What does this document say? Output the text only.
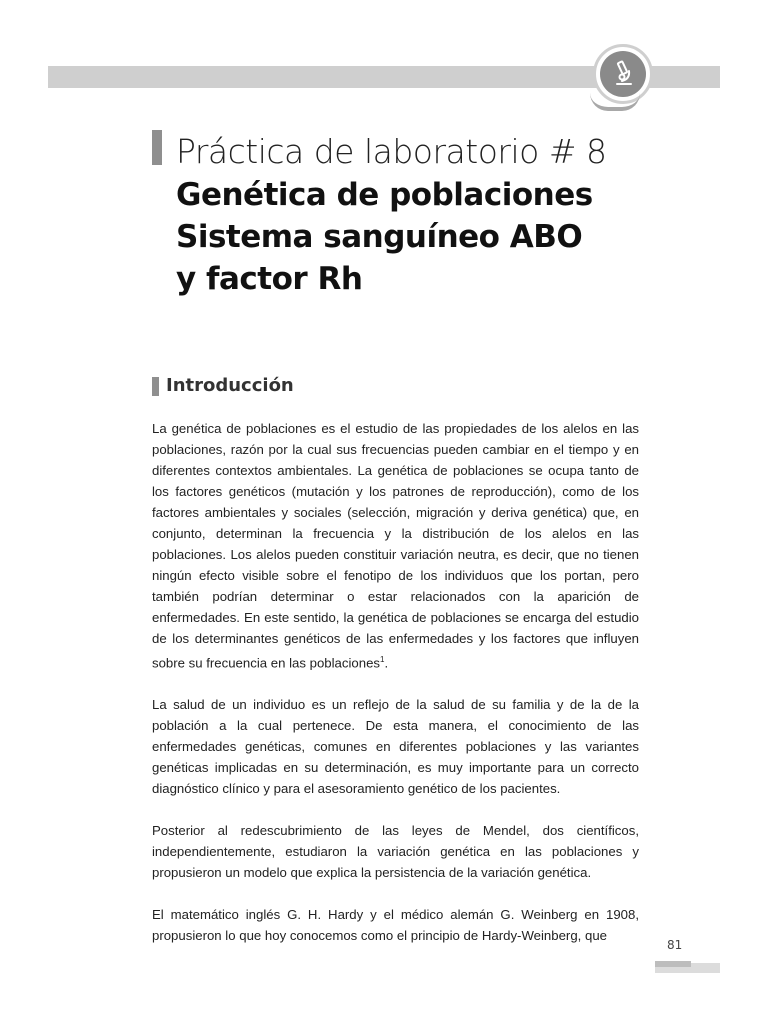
Práctica de laboratorio # 8
Genética de poblaciones
Sistema sanguíneo ABO
y factor Rh
Introducción

La genética de poblaciones es el estudio de las propiedades de los alelos en las poblaciones, razón por la cual sus frecuencias pueden cambiar en el tiempo y en diferentes contextos ambientales. La genética de poblaciones se ocupa tanto de los factores genéticos (mutación y los patrones de reproducción), como de los factores ambientales y sociales (selección, migración y deriva genética) que, en conjunto, determinan la frecuencia y la distribución de los alelos en las poblaciones. Los alelos pueden constituir variación neutra, es decir, que no tienen ningún efecto visible sobre el fenotipo de los individuos que los portan, pero también podrían determinar o estar relacionados con la aparición de enfermedades. En este sentido, la genética de poblaciones se encarga del estudio de los determinantes genéticos de las enfermedades y los factores que influyen sobre su frecuencia en las poblaciones$^1$.

La salud de un individuo es un reflejo de la salud de su familia y de la de la población a la cual pertenece. De esta manera, el conocimiento de las enfermedades genéticas, comunes en diferentes poblaciones y las variantes genéticas implicadas en su determinación, es muy importante para un correcto diagnóstico clínico y para el asesoramiento genético de los pacientes.

Posterior al redescubrimiento de las leyes de Mendel, dos científicos, independientemente, estudiaron la variación genética en las poblaciones y propusieron un modelo que explica la persistencia de la variación genética.

El matemático inglés G. H. Hardy y el médico alemán G. Weinberg en 1908, propusieron lo que hoy conocemos como el principio de Hardy-Weinberg, que

81
